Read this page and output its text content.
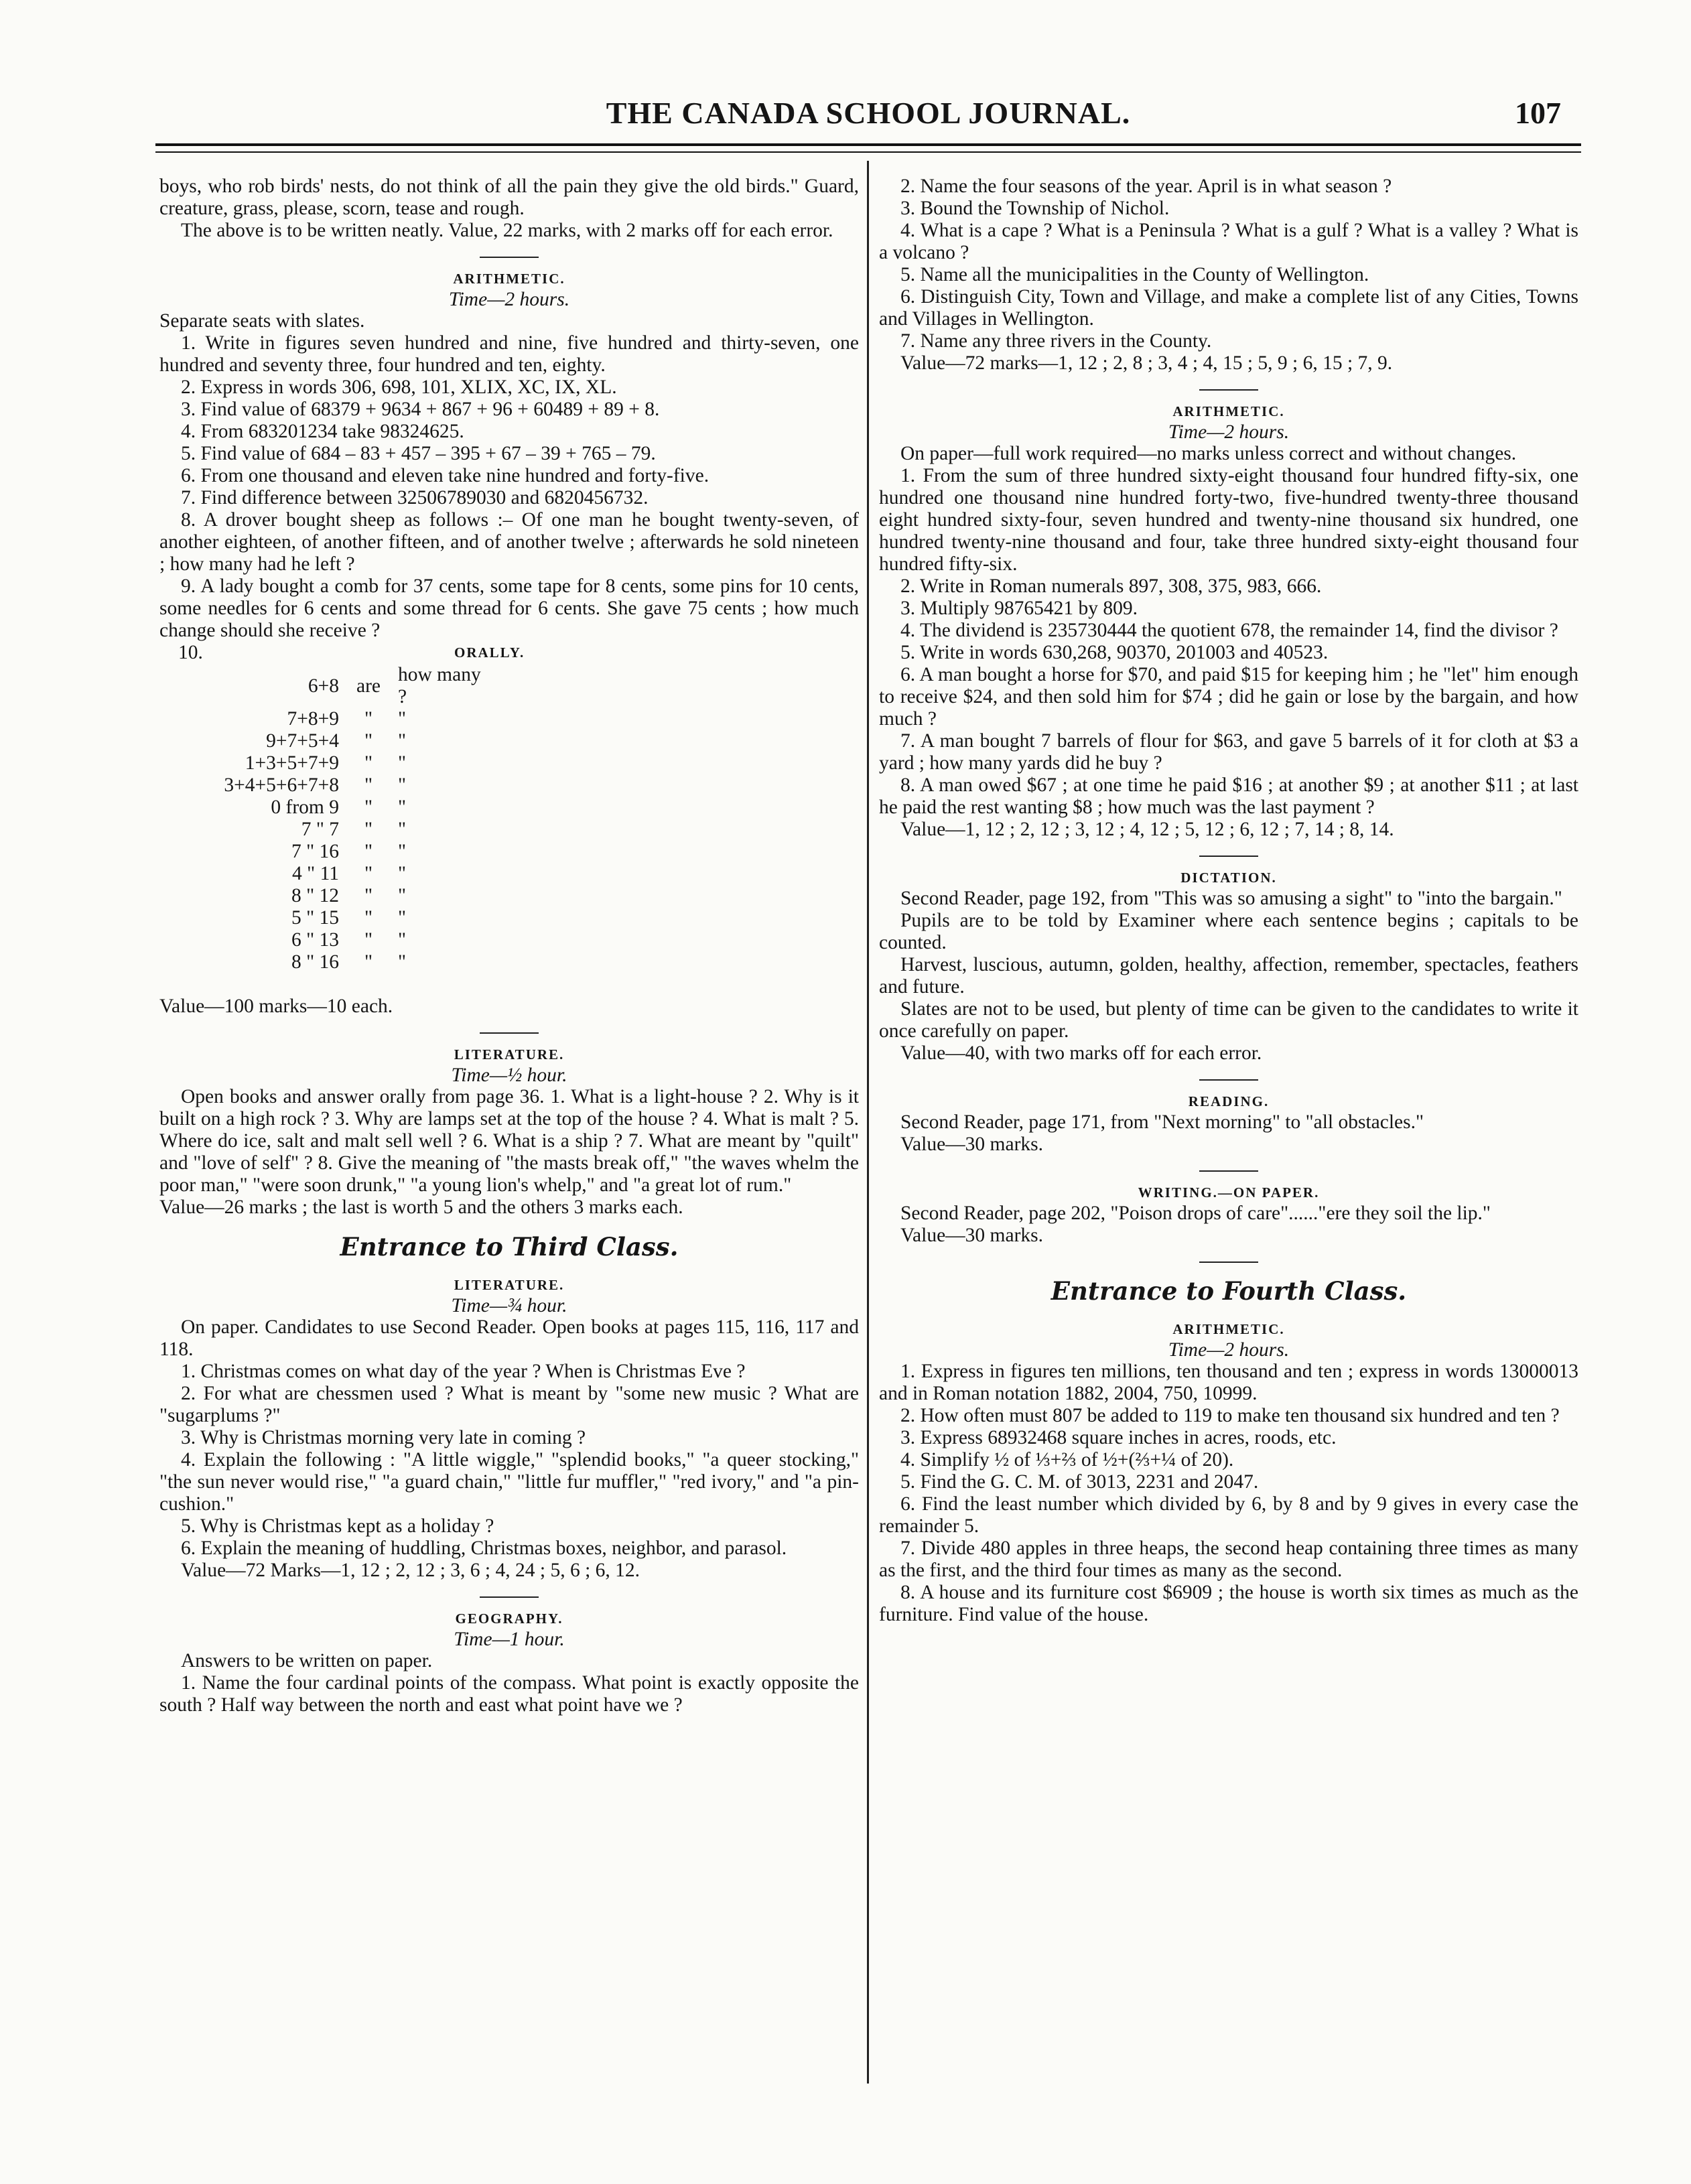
THE CANADA SCHOOL JOURNAL.	107

boys, who rob birds' nests, do not think of all the pain they give the old birds." Guard, creature, grass, please, scorn, tease and rough.

The above is to be written neatly. Value, 22 marks, with 2 marks off for each error.

ARITHMETIC.
Time—2 hours.

Separate seats with slates.

1. Write in figures seven hundred and nine, five hundred and thirty-seven, one hundred and seventy three, four hundred and ten, eighty.

2. Express in words 306, 698, 101, XLIX, XC, IX, XL.

3. Find value of 68379 + 9634 + 867 + 96 + 60489 + 89 + 8.

4. From 683201234 take 98324625.

5. Find value of 684 – 83 + 457 – 395 + 67 – 39 + 765 – 79.

6. From one thousand and eleven take nine hundred and forty-five.

7. Find difference between 32506789030 and 6820456732.

8. A drover bought sheep as follows :– Of one man he bought twenty-seven, of another eighteen, of another fifteen, and of another twelve ; afterwards he sold nineteen ; how many had he left ?

9. A lady bought a comb for 37 cents, some tape for 8 cents, some pins for 10 cents, some needles for 6 cents and some thread for 6 cents. She gave 75 cents ; how much change should she receive ?

10.	ORALLY.
6+8	are	how many ?
7+8+9	"	"
9+7+5+4	"	"
1+3+5+7+9	"	"
3+4+5+6+7+8	"	"
0 from 9	"	"
7 " 7	"	"
7 " 16	"	"
4 " 11	"	"
8 " 12	"	"
5 " 15	"	"
6 " 13	"	"
8 " 16	"	"

Value—100 marks—10 each.

LITERATURE.
Time—½ hour.

Open books and answer orally from page 36. 1. What is a light-house ? 2. Why is it built on a high rock ? 3. Why are lamps set at the top of the house ? 4. What is malt ? 5. Where do ice, salt and malt sell well ? 6. What is a ship ? 7. What are meant by "quilt" and "love of self" ? 8. Give the meaning of "the masts break off," "the waves whelm the poor man," "were soon drunk," "a young lion's whelp," and "a great lot of rum."

Value—26 marks ; the last is worth 5 and the others 3 marks each.

Entrance to Third Class.
LITERATURE.
Time—¾ hour.

On paper. Candidates to use Second Reader. Open books at pages 115, 116, 117 and 118.

1. Christmas comes on what day of the year ? When is Christmas Eve ?

2. For what are chessmen used ? What is meant by "some new music ? What are "sugarplums ?"

3. Why is Christmas morning very late in coming ?

4. Explain the following : "A little wiggle," "splendid books," "a queer stocking," "the sun never would rise," "a guard chain," "little fur muffler," "red ivory," and "a pin-cushion."

5. Why is Christmas kept as a holiday ?

6. Explain the meaning of huddling, Christmas boxes, neighbor, and parasol.

Value—72 Marks—1, 12 ; 2, 12 ; 3, 6 ; 4, 24 ; 5, 6 ; 6, 12.

GEOGRAPHY.
Time—1 hour.

Answers to be written on paper.

1. Name the four cardinal points of the compass. What point is exactly opposite the south ? Half way between the north and east what point have we ?

2. Name the four seasons of the year. April is in what season ?

3. Bound the Township of Nichol.

4. What is a cape ? What is a Peninsula ? What is a gulf ? What is a valley ? What is a volcano ?

5. Name all the municipalities in the County of Wellington.

6. Distinguish City, Town and Village, and make a complete list of any Cities, Towns and Villages in Wellington.

7. Name any three rivers in the County.

Value—72 marks—1, 12 ; 2, 8 ; 3, 4 ; 4, 15 ; 5, 9 ; 6, 15 ; 7, 9.

ARITHMETIC.
Time—2 hours.

On paper—full work required—no marks unless correct and without changes.

1. From the sum of three hundred sixty-eight thousand four hundred fifty-six, one hundred one thousand nine hundred forty-two, five-hundred twenty-three thousand eight hundred sixty-four, seven hundred and twenty-nine thousand six hundred, one hundred twenty-nine thousand and four, take three hundred sixty-eight thousand four hundred fifty-six.

2. Write in Roman numerals 897, 308, 375, 983, 666.

3. Multiply 98765421 by 809.

4. The dividend is 235730444 the quotient 678, the remainder 14, find the divisor ?

5. Write in words 630,268, 90370, 201003 and 40523.

6. A man bought a horse for $70, and paid $15 for keeping him ; he "let" him enough to receive $24, and then sold him for $74 ; did he gain or lose by the bargain, and how much ?

7. A man bought 7 barrels of flour for $63, and gave 5 barrels of it for cloth at $3 a yard ; how many yards did he buy ?

8. A man owed $67 ; at one time he paid $16 ; at another $9 ; at another $11 ; at last he paid the rest wanting $8 ; how much was the last payment ?

Value—1, 12 ; 2, 12 ; 3, 12 ; 4, 12 ; 5, 12 ; 6, 12 ; 7, 14 ; 8, 14.

DICTATION.

Second Reader, page 192, from "This was so amusing a sight" to "into the bargain."

Pupils are to be told by Examiner where each sentence begins ; capitals to be counted.

Harvest, luscious, autumn, golden, healthy, affection, remember, spectacles, feathers and future.

Slates are not to be used, but plenty of time can be given to the candidates to write it once carefully on paper.

Value—40, with two marks off for each error.

READING.

Second Reader, page 171, from "Next morning" to "all obstacles."

Value—30 marks.

WRITING.—ON PAPER.

Second Reader, page 202, "Poison drops of care"......"ere they soil the lip."

Value—30 marks.

Entrance to Fourth Class.
ARITHMETIC.
Time—2 hours.

1. Express in figures ten millions, ten thousand and ten ; express in words 13000013 and in Roman notation 1882, 2004, 750, 10999.

2. How often must 807 be added to 119 to make ten thousand six hundred and ten ?

3. Express 68932468 square inches in acres, roods, etc.

4. Simplify ½ of ⅓+⅔ of ½+(⅔+¼ of 20).

5. Find the G. C. M. of 3013, 2231 and 2047.

6. Find the least number which divided by 6, by 8 and by 9 gives in every case the remainder 5.

7. Divide 480 apples in three heaps, the second heap containing three times as many as the first, and the third four times as many as the second.

8. A house and its furniture cost $6909 ; the house is worth six times as much as the furniture. Find value of the house.
